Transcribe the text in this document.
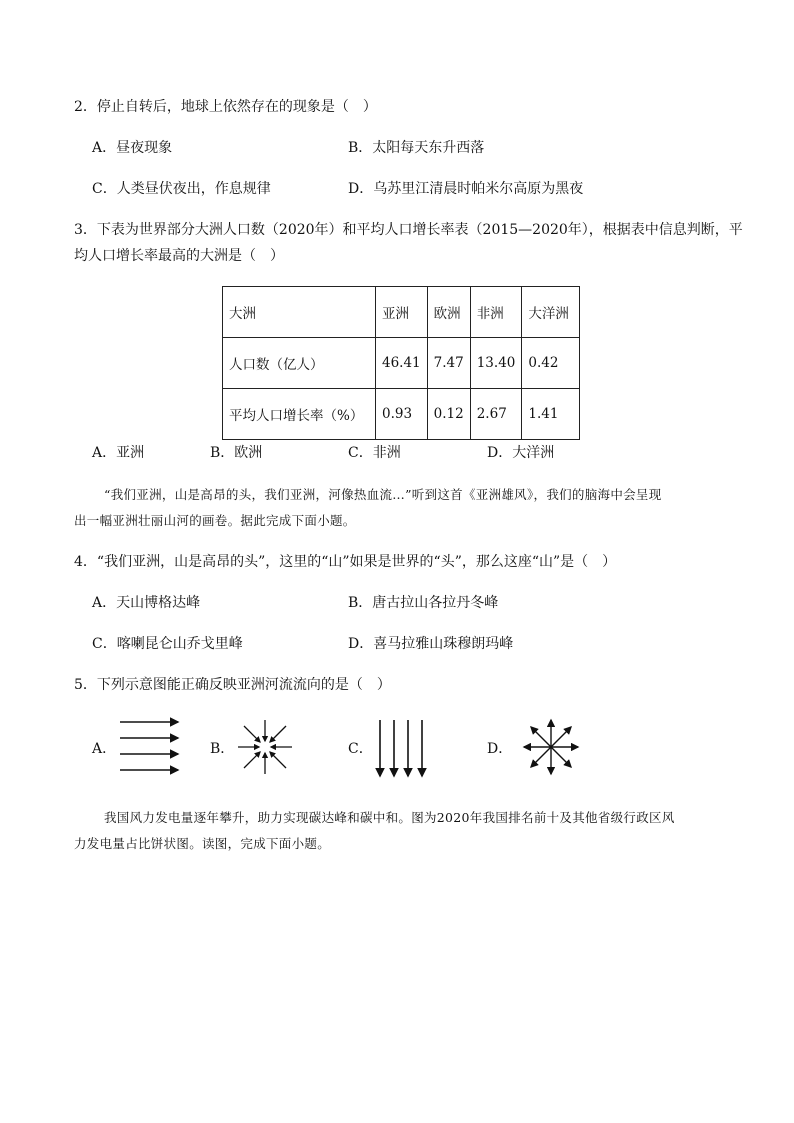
2．停止自转后，地球上依然存在的现象是（　）
A．昼夜现象	B．太阳每天东升西落
C．人类昼伏夜出，作息规律	D．乌苏里江清晨时帕米尔高原为黑夜
3．下表为世界部分大洲人口数（2020年）和平均人口增长率表（2015—2020年），根据表中信息判断，平
均人口增长率最高的大洲是（　）
大洲	亚洲	欧洲	非洲	大洋洲
人口数（亿人）	46.41	7.47	13.40	0.42
平均人口增长率（%）	0.93	0.12	2.67	1.41
A．亚洲	B．欧洲	C．非洲	D．大洋洲
“我们亚洲，山是高昂的头，我们亚洲，河像热血流…”听到这首《亚洲雄风》，我们的脑海中会呈现
出一幅亚洲壮丽山河的画卷。据此完成下面小题。
4．“我们亚洲，山是高昂的头”，这里的“山”如果是世界的“头”，那么这座“山”是（　）
A．天山博格达峰	B．唐古拉山各拉丹冬峰
C．喀喇昆仑山乔戈里峰	D．喜马拉雅山珠穆朗玛峰
5．下列示意图能正确反映亚洲河流流向的是（　）
A．	B．	C．	D．
我国风力发电量逐年攀升，助力实现碳达峰和碳中和。图为2020年我国排名前十及其他省级行政区风
力发电量占比饼状图。读图，完成下面小题。
